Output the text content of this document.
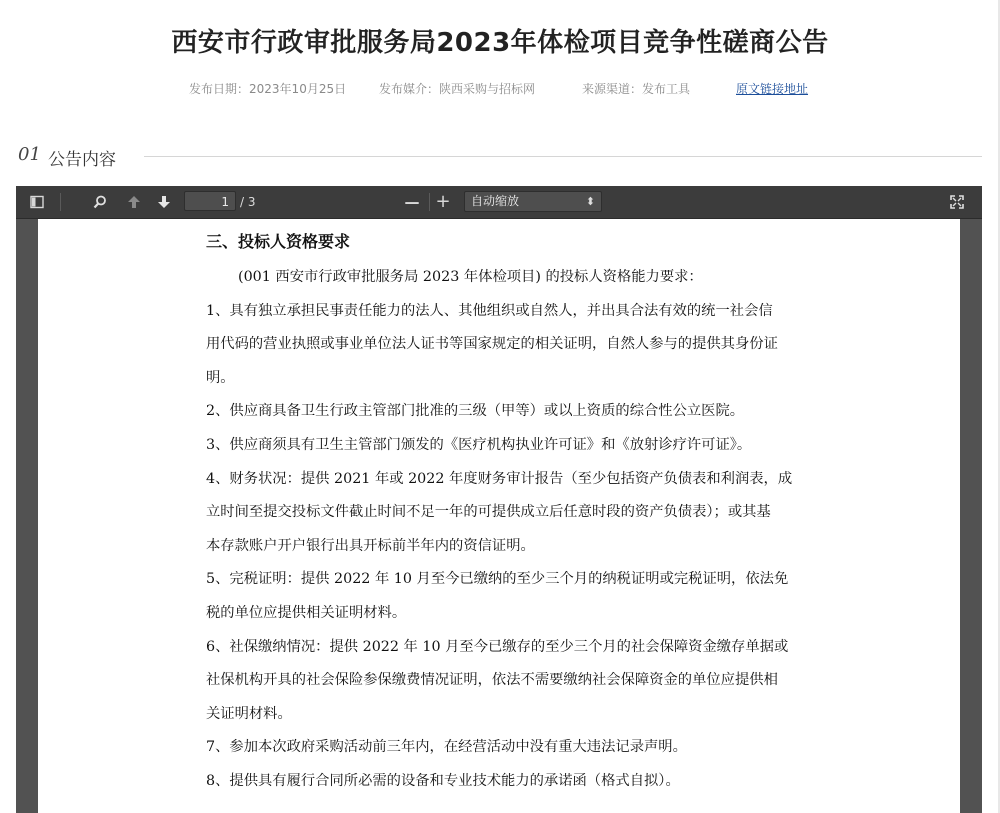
西安市行政审批服务局2023年体检项目竞争性磋商公告
发布日期：2023年10月25日	发布媒介：陕西采购与招标网	来源渠道：发布工具	原文链接地址
01 公告内容
1 / 3	— +	自动缩放	⬍
三、投标人资格要求
(001 西安市行政审批服务局 2023 年体检项目) 的投标人资格能力要求：
1、具有独立承担民事责任能力的法人、其他组织或自然人，并出具合法有效的统一社会信
用代码的营业执照或事业单位法人证书等国家规定的相关证明，自然人参与的提供其身份证
明。
2、供应商具备卫生行政主管部门批准的三级（甲等）或以上资质的综合性公立医院。
3、供应商须具有卫生主管部门颁发的《医疗机构执业许可证》和《放射诊疗许可证》。
4、财务状况：提供 2021 年或 2022 年度财务审计报告（至少包括资产负债表和利润表，成
立时间至提交投标文件截止时间不足一年的可提供成立后任意时段的资产负债表）；或其基
本存款账户开户银行出具开标前半年内的资信证明。
5、完税证明：提供 2022 年 10 月至今已缴纳的至少三个月的纳税证明或完税证明，依法免
税的单位应提供相关证明材料。
6、社保缴纳情况：提供 2022 年 10 月至今已缴存的至少三个月的社会保障资金缴存单据或
社保机构开具的社会保险参保缴费情况证明，依法不需要缴纳社会保障资金的单位应提供相
关证明材料。
7、参加本次政府采购活动前三年内，在经营活动中没有重大违法记录声明。
8、提供具有履行合同所必需的设备和专业技术能力的承诺函（格式自拟）。
